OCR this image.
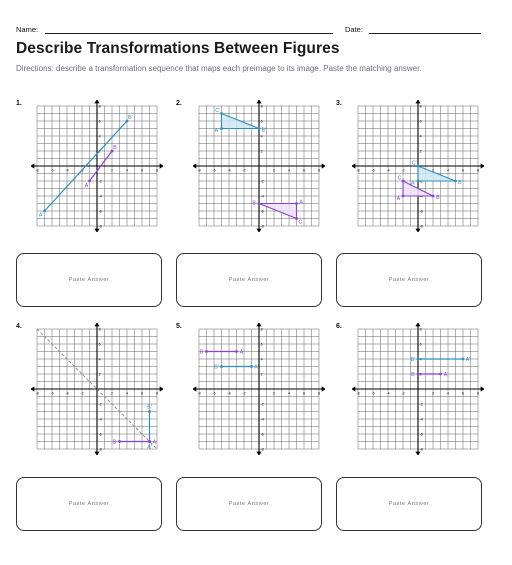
Name:	Date:
Describe Transformations Between Figures
Directions: describe a transformation sequence that maps each preimage to its image. Paste the matching answer.
1.
-8
-8
-6
-6
-4
-4
-2
-2
2
2
4
4
6
6
8
8
A'
B'
A
B
Paste Answer
2.
-8
-8
-6
-6
-4
-4
-2
-2
2
2
4
4
6
6
8
8
A'	B'
C'
B	A
C
Paste Answer
3.
-8
-8
-6
-6
-4	-2	2
2
4
4
6
6
8
8
A'	B'
C'
A	B
C
Paste Answer
4.
-8
-8
-6
-6
-4
-4
-2
-2
2
2
4
4
6
6
8
8
B'
A'
B	A
Paste Answer
5.
-8
-8
-6
-6
-4
-4
-2
-2
2
2
4
4
6
6
8
8
B	A
B'	A'
Paste Answer
6.
-8
-8
-6
-6
-4
-4
-2
-2
2
2
4
4
6
6
8
8
B'	A'
B	A
Paste Answer
